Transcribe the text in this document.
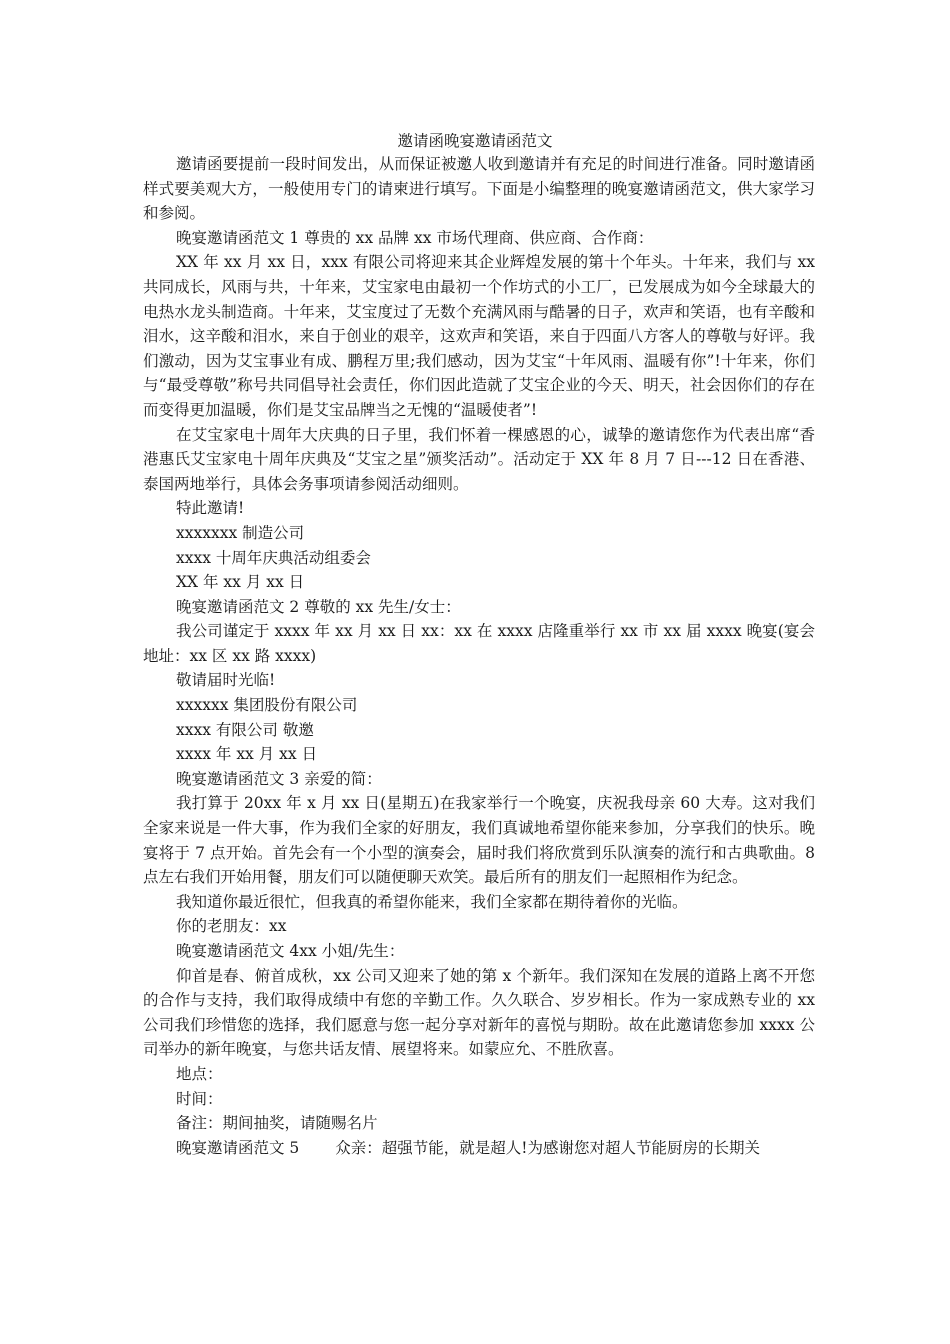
邀请函晚宴邀请函范文

邀请函要提前一段时间发出，从而保证被邀人收到邀请并有充足的时间进行准备。同时邀请函样式要美观大方，一般使用专门的请柬进行填写。下面是小编整理的晚宴邀请函范文，供大家学习和参阅。

晚宴邀请函范文 1 尊贵的 xx 品牌 xx 市场代理商、供应商、合作商：

XX 年 xx 月 xx 日，xxx 有限公司将迎来其企业辉煌发展的第十个年头。十年来，我们与 xx 共同成长，风雨与共，十年来，艾宝家电由最初一个作坊式的小工厂，已发展成为如今全球最大的电热水龙头制造商。十年来，艾宝度过了无数个充满风雨与酷暑的日子，欢声和笑语，也有辛酸和泪水，这辛酸和泪水，来自于创业的艰辛，这欢声和笑语，来自于四面八方客人的尊敬与好评。我们激动，因为艾宝事业有成、鹏程万里;我们感动，因为艾宝“十年风雨、温暖有你”!十年来，你们与“最受尊敬”称号共同倡导社会责任，你们因此造就了艾宝企业的今天、明天，社会因你们的存在而变得更加温暖，你们是艾宝品牌当之无愧的“温暖使者”!

在艾宝家电十周年大庆典的日子里，我们怀着一棵感恩的心，诚挚的邀请您作为代表出席“香港惠氏艾宝家电十周年庆典及“艾宝之星”颁奖活动”。活动定于 XX 年 8 月 7 日---12 日在香港、泰国两地举行，具体会务事项请参阅活动细则。

特此邀请!

xxxxxxx 制造公司

xxxx 十周年庆典活动组委会

XX 年 xx 月 xx 日

晚宴邀请函范文 2 尊敬的 xx 先生/女士：

我公司谨定于 xxxx 年 xx 月 xx 日 xx：xx 在 xxxx 店隆重举行 xx 市 xx 届 xxxx 晚宴(宴会地址：xx 区 xx 路 xxxx)

敬请届时光临!

xxxxxx 集团股份有限公司

xxxx 有限公司 敬邀

xxxx 年 xx 月 xx 日

晚宴邀请函范文 3 亲爱的简：

我打算于 20xx 年 x 月 xx 日(星期五)在我家举行一个晚宴，庆祝我母亲 60 大寿。这对我们全家来说是一件大事，作为我们全家的好朋友，我们真诚地希望你能来参加，分享我们的快乐。晚宴将于 7 点开始。首先会有一个小型的演奏会，届时我们将欣赏到乐队演奏的流行和古典歌曲。8 点左右我们开始用餐，朋友们可以随便聊天欢笑。最后所有的朋友们一起照相作为纪念。

我知道你最近很忙，但我真的希望你能来，我们全家都在期待着你的光临。

你的老朋友：xx

晚宴邀请函范文 4xx 小姐/先生：

仰首是春、俯首成秋，xx 公司又迎来了她的第 x 个新年。我们深知在发展的道路上离不开您的合作与支持，我们取得成绩中有您的辛勤工作。久久联合、岁岁相长。作为一家成熟专业的 xx 公司我们珍惜您的选择，我们愿意与您一起分享对新年的喜悦与期盼。故在此邀请您参加 xxxx 公司举办的新年晚宴，与您共话友情、展望将来。如蒙应允、不胜欣喜。

地点：

时间：

备注：期间抽奖，请随赐名片

晚宴邀请函范文 5 众亲：超强节能，就是超人!为感谢您对超人节能厨房的长期关
